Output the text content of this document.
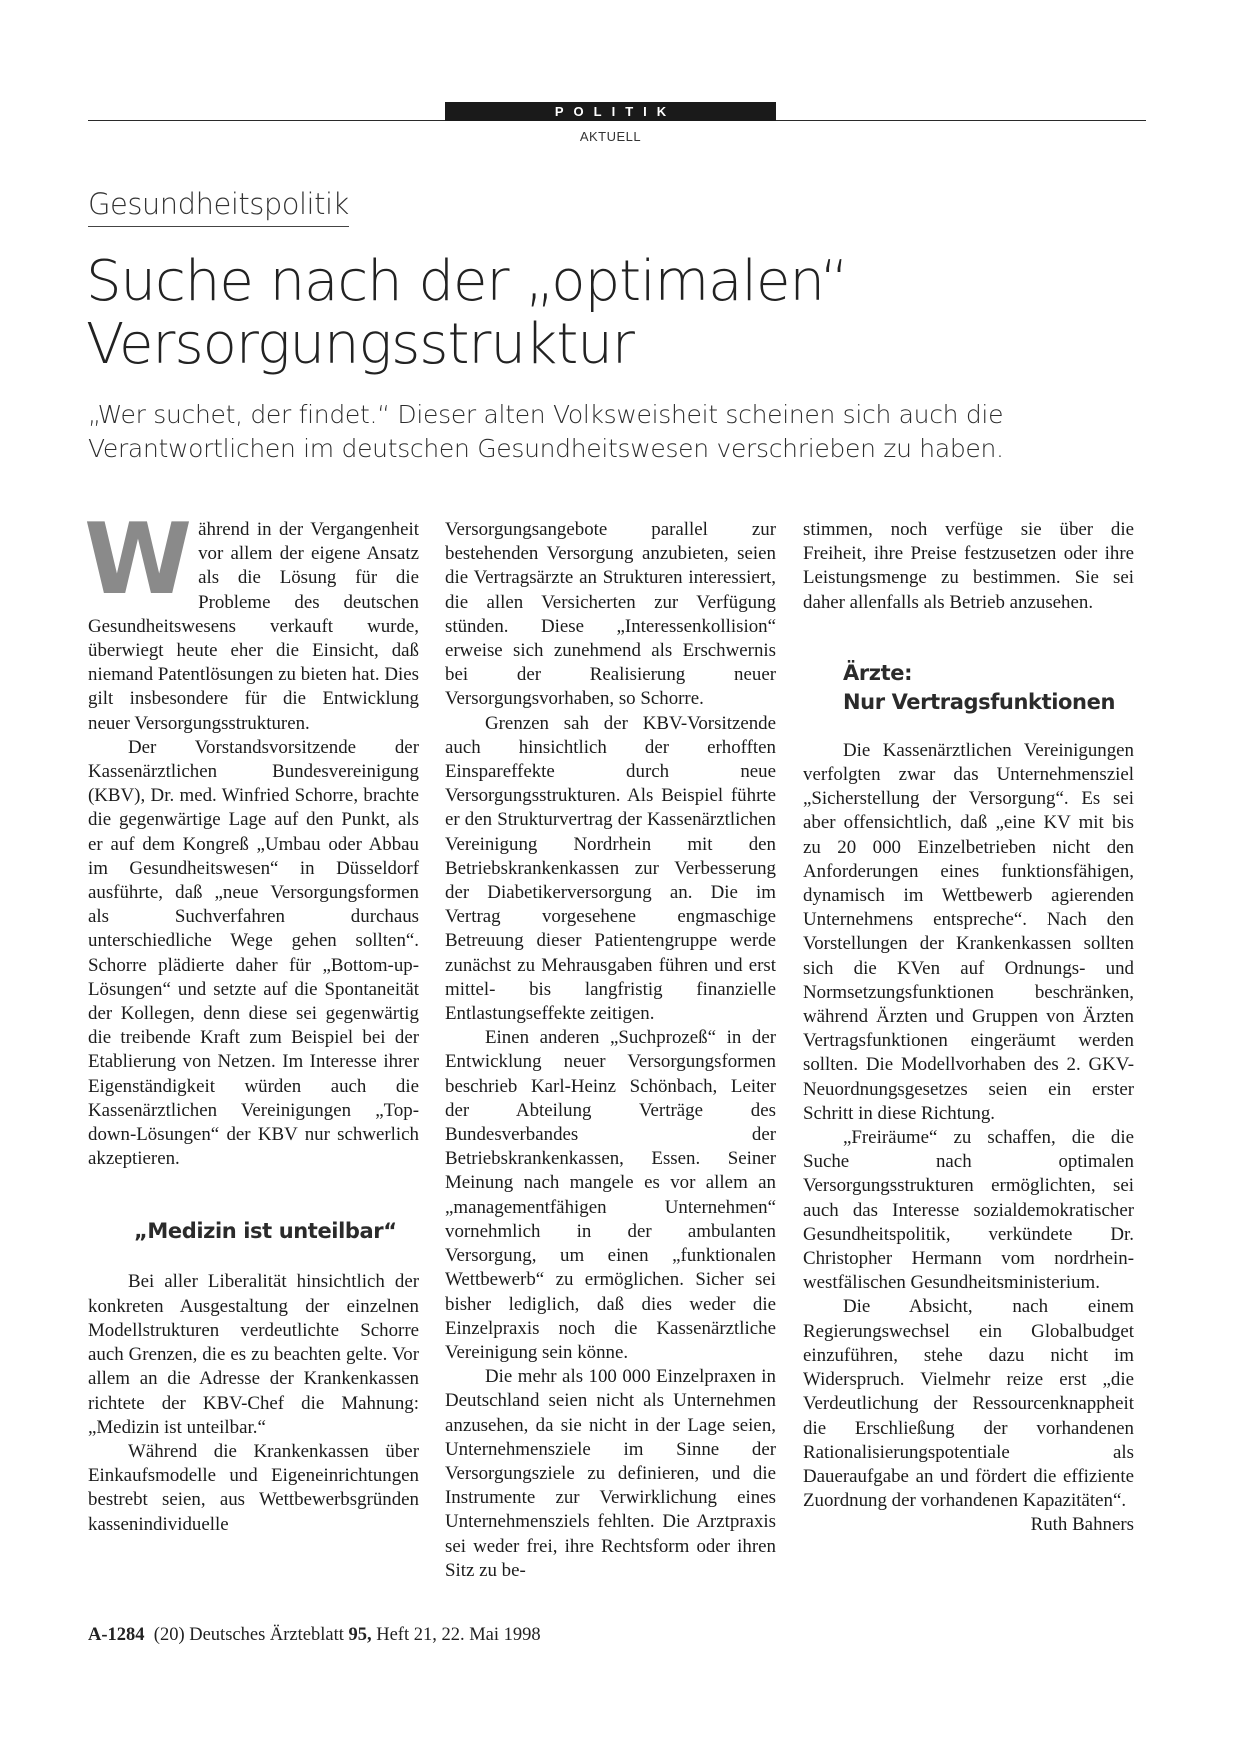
POLITIK
AKTUELL
Gesundheitspolitik
Suche nach der „optimalen“
Versorgungsstruktur

„Wer suchet, der findet.“ Dieser alten Volksweisheit scheinen sich auch die
Verantwortlichen im deutschen Gesundheitswesen verschrieben zu haben.

Während in der Vergangenheit vor allem der eigene Ansatz als die Lösung für die Probleme des deutschen Gesundheitswesens verkauft wurde, überwiegt heute eher die Einsicht, daß niemand Patentlösungen zu bieten hat. Dies gilt insbesondere für die Entwicklung neuer Versorgungsstrukturen.

Der Vorstandsvorsitzende der Kassenärztlichen Bundesvereinigung (KBV), Dr. med. Winfried Schorre, brachte die gegenwärtige Lage auf den Punkt, als er auf dem Kongreß „Umbau oder Abbau im Gesundheitswesen“ in Düsseldorf ausführte, daß „neue Versorgungsformen als Suchverfahren durchaus unterschiedliche Wege gehen sollten“. Schorre plädierte daher für „Bottom-up-Lösungen“ und setzte auf die Spontaneität der Kollegen, denn diese sei gegenwärtig die treibende Kraft zum Beispiel bei der Etablierung von Netzen. Im Interesse ihrer Eigenständigkeit würden auch die Kassenärztlichen Vereinigungen „Top-down-Lösungen“ der KBV nur schwerlich akzeptieren.

„Medizin ist unteilbar“

Bei aller Liberalität hinsichtlich der konkreten Ausgestaltung der einzelnen Modellstrukturen verdeutlichte Schorre auch Grenzen, die es zu beachten gelte. Vor allem an die Adresse der Krankenkassen richtete der KBV-Chef die Mahnung: „Medizin ist unteilbar.“

Während die Krankenkassen über Einkaufsmodelle und Eigeneinrichtungen bestrebt seien, aus Wettbewerbsgründen kassenindividuelle

Versorgungsangebote parallel zur bestehenden Versorgung anzubieten, seien die Vertragsärzte an Strukturen interessiert, die allen Versicherten zur Verfügung stünden. Diese „Interessenkollision“ erweise sich zunehmend als Erschwernis bei der Realisierung neuer Versorgungsvorhaben, so Schorre.

Grenzen sah der KBV-Vorsitzende auch hinsichtlich der erhofften Einspareffekte durch neue Versorgungsstrukturen. Als Beispiel führte er den Strukturvertrag der Kassenärztlichen Vereinigung Nordrhein mit den Betriebskrankenkassen zur Verbesserung der Diabetikerversorgung an. Die im Vertrag vorgesehene engmaschige Betreuung dieser Patientengruppe werde zunächst zu Mehrausgaben führen und erst mittel- bis langfristig finanzielle Entlastungseffekte zeitigen.

Einen anderen „Suchprozeß“ in der Entwicklung neuer Versorgungsformen beschrieb Karl-Heinz Schönbach, Leiter der Abteilung Verträge des Bundesverbandes der Betriebskrankenkassen, Essen. Seiner Meinung nach mangele es vor allem an „managementfähigen Unternehmen“ vornehmlich in der ambulanten Versorgung, um einen „funktionalen Wettbewerb“ zu ermöglichen. Sicher sei bisher lediglich, daß dies weder die Einzelpraxis noch die Kassenärztliche Vereinigung sein könne.

Die mehr als 100 000 Einzelpraxen in Deutschland seien nicht als Unternehmen anzusehen, da sie nicht in der Lage seien, Unternehmensziele im Sinne der Versorgungsziele zu definieren, und die Instrumente zur Verwirklichung eines Unternehmensziels fehlten. Die Arztpraxis sei weder frei, ihre Rechtsform oder ihren Sitz zu be-

stimmen, noch verfüge sie über die Freiheit, ihre Preise festzusetzen oder ihre Leistungsmenge zu bestimmen. Sie sei daher allenfalls als Betrieb anzusehen.

Ärzte:
Nur Vertragsfunktionen

Die Kassenärztlichen Vereinigungen verfolgten zwar das Unternehmensziel „Sicherstellung der Versorgung“. Es sei aber offensichtlich, daß „eine KV mit bis zu 20 000 Einzelbetrieben nicht den Anforderungen eines funktionsfähigen, dynamisch im Wettbewerb agierenden Unternehmens entspreche“. Nach den Vorstellungen der Krankenkassen sollten sich die KVen auf Ordnungs- und Normsetzungsfunktionen beschränken, während Ärzten und Gruppen von Ärzten Vertragsfunktionen eingeräumt werden sollten. Die Modellvorhaben des 2. GKV-Neuordnungsgesetzes seien ein erster Schritt in diese Richtung.

„Freiräume“ zu schaffen, die die Suche nach optimalen Versorgungsstrukturen ermöglichten, sei auch das Interesse sozialdemokratischer Gesundheitspolitik, verkündete Dr. Christopher Hermann vom nordrhein-westfälischen Gesundheitsministerium.

Die Absicht, nach einem Regierungswechsel ein Globalbudget einzuführen, stehe dazu nicht im Widerspruch. Vielmehr reize erst „die Verdeutlichung der Ressourcenknappheit die Erschließung der vorhandenen Rationalisierungspotentiale als Daueraufgabe an und fördert die effiziente Zuordnung der vorhandenen Kapazitäten“.
Ruth Bahners

A-1284 (20) Deutsches Ärzteblatt 95, Heft 21, 22. Mai 1998
